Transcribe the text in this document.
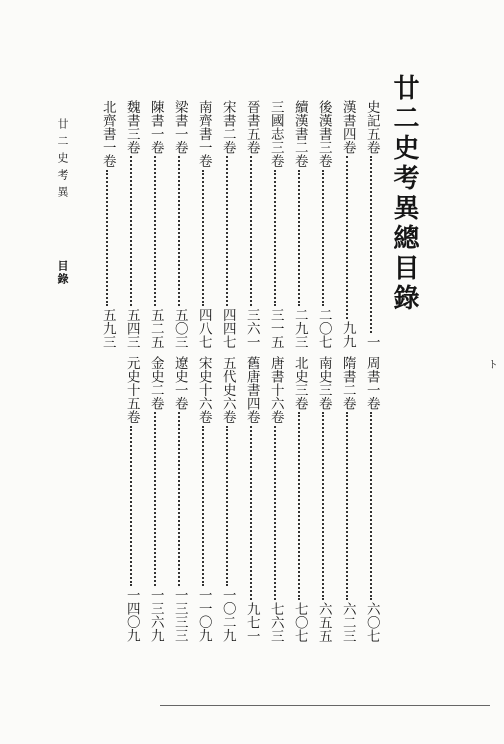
廿二史考異總目錄
史記五卷
一
漢書四卷
九九
後漢書三卷
二〇七
續漢書二卷
二九三
三國志三卷
三一五
晉書五卷
三六一
宋書二卷
四四七
南齊書一卷
四八七
梁書一卷
五〇三
陳書一卷
五二五
魏書三卷
五四三
北齊書一卷
五九三
周書一卷
六〇七
隋書二卷
六二三
南史三卷
六五五
北史三卷
七〇七
唐書十六卷
七六三
舊唐書四卷
九七一
五代史六卷
一〇二九
宋史十六卷
一一〇九
遼史一卷
一三三三
金史二卷
一三六九
元史十五卷
一四〇九
廿二史考異 目錄
ト
